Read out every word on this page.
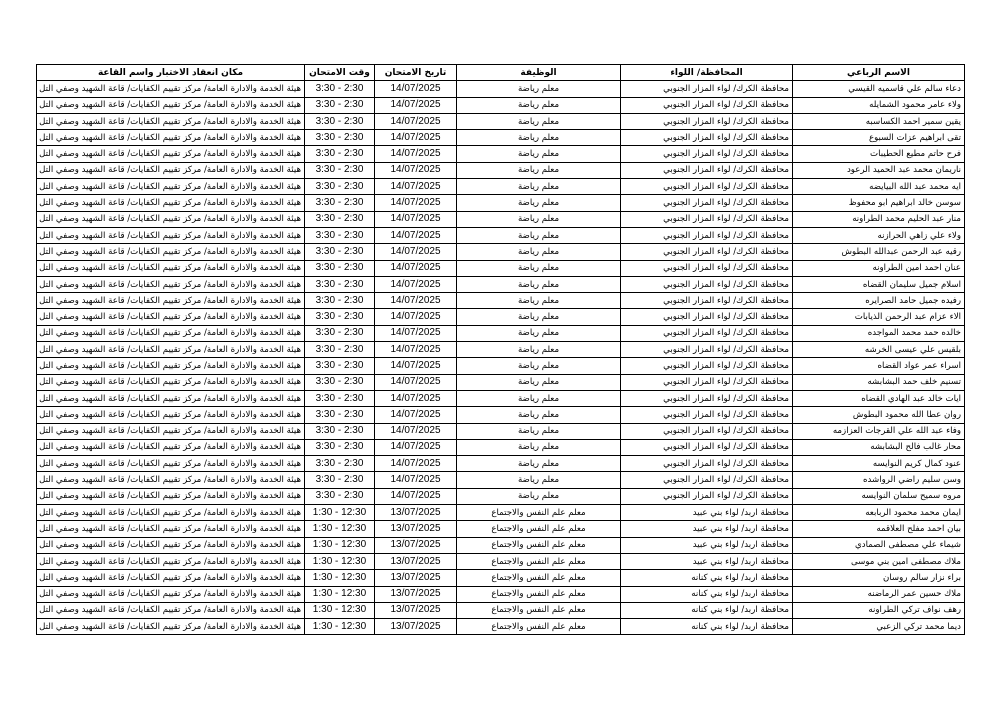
الاسم الرباعي	المحافظة/ اللواء	الوظيفة	تاريخ الامتحان	وقت الامتحان	مكان انعقاد الاختبار واسم القاعة
دعاء سالم علي قاسميه القيسي	محافظة الكرك/ لواء المزار الجنوبي	معلم رياضة	14/07/2025	2:30 - 3:30	هيئة الخدمة والادارة العامة/ مركز تقييم الكفايات/ قاعة الشهيد وصفي التل
ولاء عامر محمود الشمايله	محافظة الكرك/ لواء المزار الجنوبي	معلم رياضة	14/07/2025	2:30 - 3:30	هيئة الخدمة والادارة العامة/ مركز تقييم الكفايات/ قاعة الشهيد وصفي التل
يقين سمير احمد الكساسبه	محافظة الكرك/ لواء المزار الجنوبي	معلم رياضة	14/07/2025	2:30 - 3:30	هيئة الخدمة والادارة العامة/ مركز تقييم الكفايات/ قاعة الشهيد وصفي التل
تقى ابراهيم عزات السبوع	محافظة الكرك/ لواء المزار الجنوبي	معلم رياضة	14/07/2025	2:30 - 3:30	هيئة الخدمة والادارة العامة/ مركز تقييم الكفايات/ قاعة الشهيد وصفي التل
فرح حاتم مطيع الحطيبات	محافظة الكرك/ لواء المزار الجنوبي	معلم رياضة	14/07/2025	2:30 - 3:30	هيئة الخدمة والادارة العامة/ مركز تقييم الكفايات/ قاعة الشهيد وصفي التل
ناريمان محمد عبد الحميد الرعود	محافظة الكرك/ لواء المزار الجنوبي	معلم رياضة	14/07/2025	2:30 - 3:30	هيئة الخدمة والادارة العامة/ مركز تقييم الكفايات/ قاعة الشهيد وصفي التل
ايه محمد عبد الله البيايضه	محافظة الكرك/ لواء المزار الجنوبي	معلم رياضة	14/07/2025	2:30 - 3:30	هيئة الخدمة والادارة العامة/ مركز تقييم الكفايات/ قاعة الشهيد وصفي التل
سوسن خالد ابراهيم ابو محفوظ	محافظة الكرك/ لواء المزار الجنوبي	معلم رياضة	14/07/2025	2:30 - 3:30	هيئة الخدمة والادارة العامة/ مركز تقييم الكفايات/ قاعة الشهيد وصفي التل
منار عبد الحليم محمد الطراونه	محافظة الكرك/ لواء المزار الجنوبي	معلم رياضة	14/07/2025	2:30 - 3:30	هيئة الخدمة والادارة العامة/ مركز تقييم الكفايات/ قاعة الشهيد وصفي التل
ولاء علي زاهي الحرازنه	محافظة الكرك/ لواء المزار الجنوبي	معلم رياضة	14/07/2025	2:30 - 3:30	هيئة الخدمة والادارة العامة/ مركز تقييم الكفايات/ قاعة الشهيد وصفي التل
رقيه عبد الرحمن عبدالله البطوش	محافظة الكرك/ لواء المزار الجنوبي	معلم رياضة	14/07/2025	2:30 - 3:30	هيئة الخدمة والادارة العامة/ مركز تقييم الكفايات/ قاعة الشهيد وصفي التل
عنان احمد امين الطراونه	محافظة الكرك/ لواء المزار الجنوبي	معلم رياضة	14/07/2025	2:30 - 3:30	هيئة الخدمة والادارة العامة/ مركز تقييم الكفايات/ قاعة الشهيد وصفي التل
اسلام جميل سليمان القضاه	محافظة الكرك/ لواء المزار الجنوبي	معلم رياضة	14/07/2025	2:30 - 3:30	هيئة الخدمة والادارة العامة/ مركز تقييم الكفايات/ قاعة الشهيد وصفي التل
رفيده جميل حامد الصرايره	محافظة الكرك/ لواء المزار الجنوبي	معلم رياضة	14/07/2025	2:30 - 3:30	هيئة الخدمة والادارة العامة/ مركز تقييم الكفايات/ قاعة الشهيد وصفي التل
الاء عزام عبد الرحمن الذيابات	محافظة الكرك/ لواء المزار الجنوبي	معلم رياضة	14/07/2025	2:30 - 3:30	هيئة الخدمة والادارة العامة/ مركز تقييم الكفايات/ قاعة الشهيد وصفي التل
خالده حمد محمد المواجده	محافظة الكرك/ لواء المزار الجنوبي	معلم رياضة	14/07/2025	2:30 - 3:30	هيئة الخدمة والادارة العامة/ مركز تقييم الكفايات/ قاعة الشهيد وصفي التل
بلقيس علي عيسى الخرشه	محافظة الكرك/ لواء المزار الجنوبي	معلم رياضة	14/07/2025	2:30 - 3:30	هيئة الخدمة والادارة العامة/ مركز تقييم الكفايات/ قاعة الشهيد وصفي التل
اسراء عمر عواد القضاه	محافظة الكرك/ لواء المزار الجنوبي	معلم رياضة	14/07/2025	2:30 - 3:30	هيئة الخدمة والادارة العامة/ مركز تقييم الكفايات/ قاعة الشهيد وصفي التل
تسنيم خلف حمد البشابشه	محافظة الكرك/ لواء المزار الجنوبي	معلم رياضة	14/07/2025	2:30 - 3:30	هيئة الخدمة والادارة العامة/ مركز تقييم الكفايات/ قاعة الشهيد وصفي التل
ايات خالد عبد الهادي القضاه	محافظة الكرك/ لواء المزار الجنوبي	معلم رياضة	14/07/2025	2:30 - 3:30	هيئة الخدمة والادارة العامة/ مركز تقييم الكفايات/ قاعة الشهيد وصفي التل
روان عطا الله محمود البطوش	محافظة الكرك/ لواء المزار الجنوبي	معلم رياضة	14/07/2025	2:30 - 3:30	هيئة الخدمة والادارة العامة/ مركز تقييم الكفايات/ قاعة الشهيد وصفي التل
وفاء عبد الله علي القرجات العزازمه	محافظة الكرك/ لواء المزار الجنوبي	معلم رياضة	14/07/2025	2:30 - 3:30	هيئة الخدمة والادارة العامة/ مركز تقييم الكفايات/ قاعة الشهيد وصفي التل
محار غالب فالح البشابشه	محافظة الكرك/ لواء المزار الجنوبي	معلم رياضة	14/07/2025	2:30 - 3:30	هيئة الخدمة والادارة العامة/ مركز تقييم الكفايات/ قاعة الشهيد وصفي التل
عنود كمال كريم النوايسه	محافظة الكرك/ لواء المزار الجنوبي	معلم رياضة	14/07/2025	2:30 - 3:30	هيئة الخدمة والادارة العامة/ مركز تقييم الكفايات/ قاعة الشهيد وصفي التل
وسن سليم راضي الرواشده	محافظة الكرك/ لواء المزار الجنوبي	معلم رياضة	14/07/2025	2:30 - 3:30	هيئة الخدمة والادارة العامة/ مركز تقييم الكفايات/ قاعة الشهيد وصفي التل
مروه سميح سلمان النوايسه	محافظة الكرك/ لواء المزار الجنوبي	معلم رياضة	14/07/2025	2:30 - 3:30	هيئة الخدمة والادارة العامة/ مركز تقييم الكفايات/ قاعة الشهيد وصفي التل
ايمان محمد محمود الربابعه	محافظة اربد/ لواء بني عبيد	معلم علم النفس والاجتماع	13/07/2025	12:30 - 1:30	هيئة الخدمة والادارة العامة/ مركز تقييم الكفايات/ قاعة الشهيد وصفي التل
بيان احمد مفلح العلاقمه	محافظة اربد/ لواء بني عبيد	معلم علم النفس والاجتماع	13/07/2025	12:30 - 1:30	هيئة الخدمة والادارة العامة/ مركز تقييم الكفايات/ قاعة الشهيد وصفي التل
شيماء علي مصطفى الصمادي	محافظة اربد/ لواء بني عبيد	معلم علم النفس والاجتماع	13/07/2025	12:30 - 1:30	هيئة الخدمة والادارة العامة/ مركز تقييم الكفايات/ قاعة الشهيد وصفي التل
ملاك مصطفى امين بني موسى	محافظة اربد/ لواء بني عبيد	معلم علم النفس والاجتماع	13/07/2025	12:30 - 1:30	هيئة الخدمة والادارة العامة/ مركز تقييم الكفايات/ قاعة الشهيد وصفي التل
براء نزار سالم روسان	محافظة اربد/ لواء بني كنانه	معلم علم النفس والاجتماع	13/07/2025	12:30 - 1:30	هيئة الخدمة والادارة العامة/ مركز تقييم الكفايات/ قاعة الشهيد وصفي التل
ملاك حسين عمر الرماضنه	محافظة اربد/ لواء بني كنانه	معلم علم النفس والاجتماع	13/07/2025	12:30 - 1:30	هيئة الخدمة والادارة العامة/ مركز تقييم الكفايات/ قاعة الشهيد وصفي التل
رهف نواف تركي الطراونه	محافظة اربد/ لواء بني كنانه	معلم علم النفس والاجتماع	13/07/2025	12:30 - 1:30	هيئة الخدمة والادارة العامة/ مركز تقييم الكفايات/ قاعة الشهيد وصفي التل
ديما محمد تركي الزعبي	محافظة اربد/ لواء بني كنانه	معلم علم النفس والاجتماع	13/07/2025	12:30 - 1:30	هيئة الخدمة والادارة العامة/ مركز تقييم الكفايات/ قاعة الشهيد وصفي التل
